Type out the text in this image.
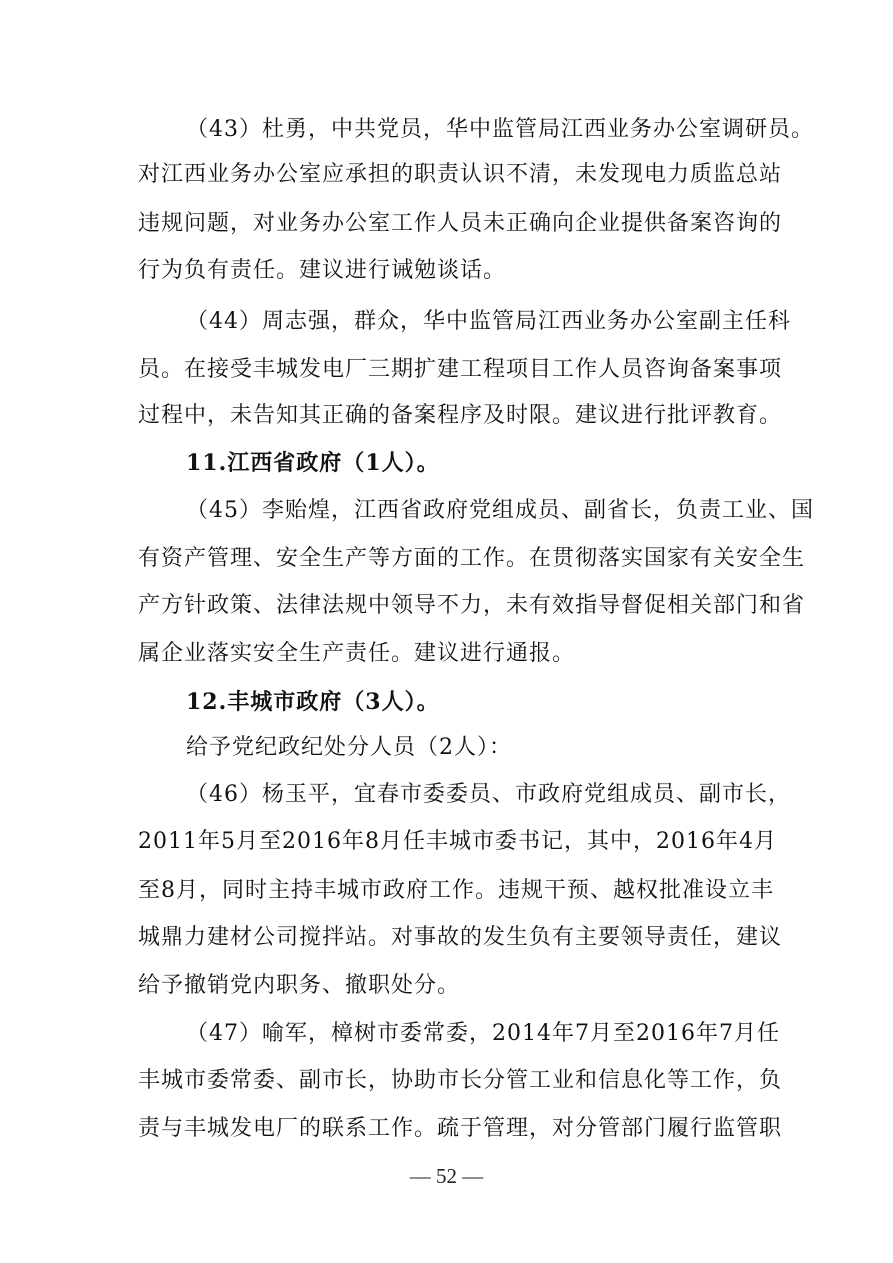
（43）杜勇，中共党员，华中监管局江西业务办公室调研员。
对江西业务办公室应承担的职责认识不清，未发现电力质监总站
违规问题，对业务办公室工作人员未正确向企业提供备案咨询的
行为负有责任。建议进行诫勉谈话。
（44）周志强，群众，华中监管局江西业务办公室副主任科
员。在接受丰城发电厂三期扩建工程项目工作人员咨询备案事项
过程中，未告知其正确的备案程序及时限。建议进行批评教育。
11.江西省政府（1人）。
（45）李贻煌，江西省政府党组成员、副省长，负责工业、国
有资产管理、安全生产等方面的工作。在贯彻落实国家有关安全生
产方针政策、法律法规中领导不力，未有效指导督促相关部门和省
属企业落实安全生产责任。建议进行通报。
12.丰城市政府（3人）。
给予党纪政纪处分人员（2人）：
（46）杨玉平，宜春市委委员、市政府党组成员、副市长，
2011年5月至2016年8月任丰城市委书记，其中，2016年4月
至8月，同时主持丰城市政府工作。违规干预、越权批准设立丰
城鼎力建材公司搅拌站。对事故的发生负有主要领导责任，建议
给予撤销党内职务、撤职处分。
（47）喻军，樟树市委常委，2014年7月至2016年7月任
丰城市委常委、副市长，协助市长分管工业和信息化等工作，负
责与丰城发电厂的联系工作。疏于管理，对分管部门履行监管职
— 52 —
